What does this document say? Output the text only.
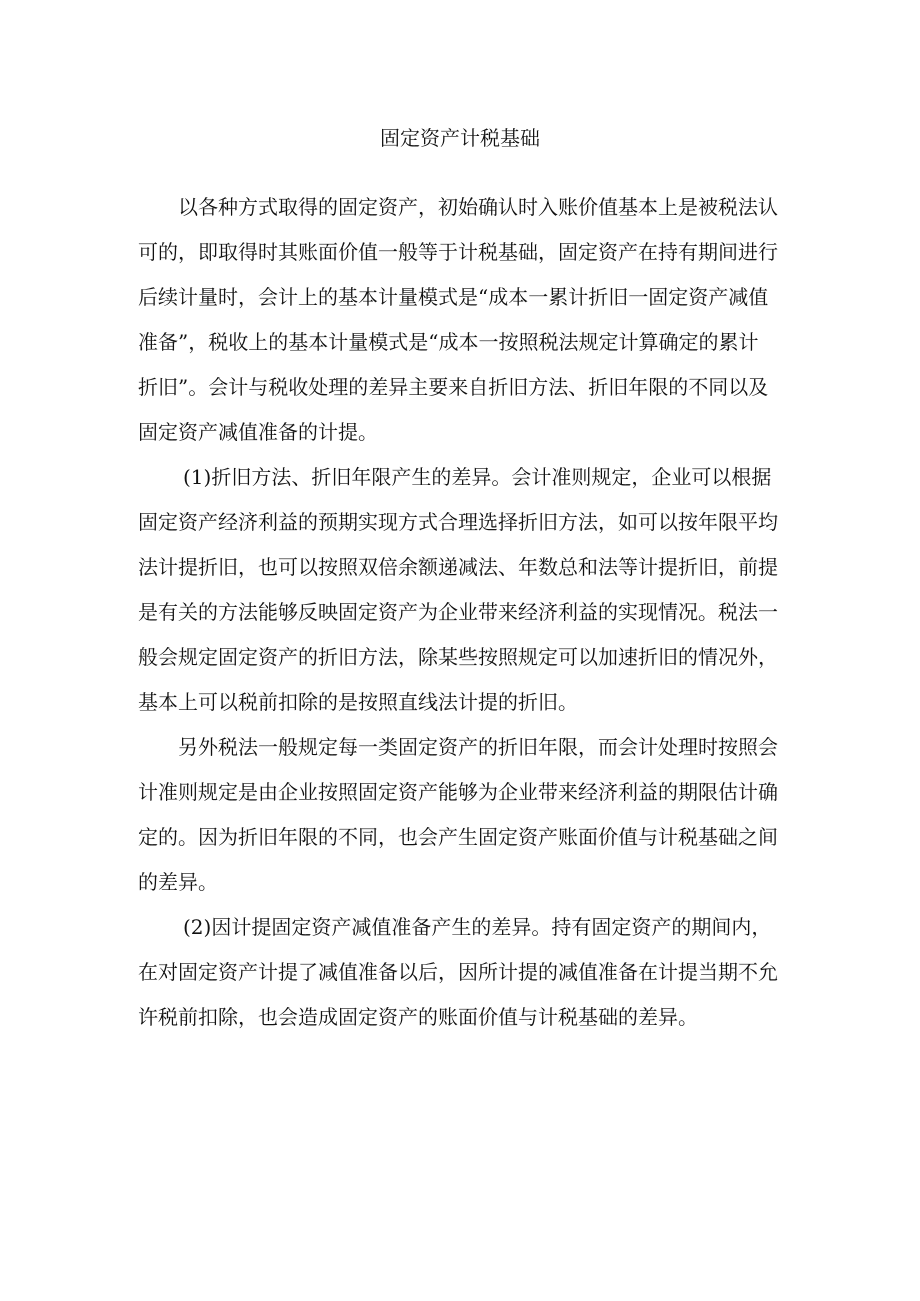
固定资产计税基础

以各种方式取得的固定资产，初始确认时入账价值基本上是被税法认
可的，即取得时其账面价值一般等于计税基础，固定资产在持有期间进行
后续计量时，会计上的基本计量模式是“成本一累计折旧一固定资产减值
准备”，税收上的基本计量模式是“成本一按照税法规定计算确定的累计
折旧”。会计与税收处理的差异主要来自折旧方法、折旧年限的不同以及
固定资产减值准备的计提。

(1)折旧方法、折旧年限产生的差异。会计准则规定，企业可以根据
固定资产经济利益的预期实现方式合理选择折旧方法，如可以按年限平均
法计提折旧，也可以按照双倍余额递减法、年数总和法等计提折旧，前提
是有关的方法能够反映固定资产为企业带来经济利益的实现情况。税法一
般会规定固定资产的折旧方法，除某些按照规定可以加速折旧的情况外，
基本上可以税前扣除的是按照直线法计提的折旧。

另外税法一般规定每一类固定资产的折旧年限，而会计处理时按照会
计准则规定是由企业按照固定资产能够为企业带来经济利益的期限估计确
定的。因为折旧年限的不同，也会产生固定资产账面价值与计税基础之间
的差异。

(2)因计提固定资产减值准备产生的差异。持有固定资产的期间内，
在对固定资产计提了减值准备以后，因所计提的减值准备在计提当期不允
许税前扣除，也会造成固定资产的账面价值与计税基础的差异。
